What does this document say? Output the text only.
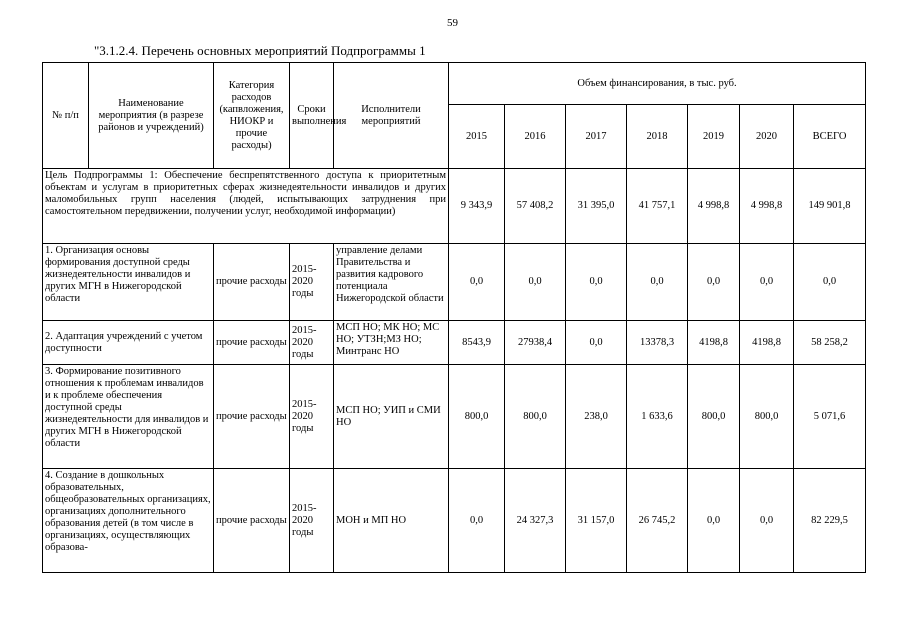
59
"3.1.2.4. Перечень основных мероприятий Подпрограммы 1
№ п/п	Наименование мероприятия (в разрезе районов и учреждений)	Категория расходов (капвложения, НИОКР и прочие расходы)	Сроки выполнения	Исполнители мероприятий	Объем финансирования, в тыс. руб.						
					2015	2016	2017	2018	2019	2020	ВСЕГО
Цель Подпрограммы 1: Обеспечение беспрепятственного доступа к приоритетным объектам и услугам в приоритетных сферах жизнедеятельности инвалидов и других маломобильных групп населения (людей, испытывающих затруднения при самостоятельном передвижении, получении услуг, необходимой информации)					9 343,9	57 408,2	31 395,0	41 757,1	4 998,8	4 998,8	149 901,8
1. Организация основы формирования доступной среды жизнедеятельности инвалидов и других МГН в Нижегородской области		прочие расходы	2015-2020 годы	управление делами Правительства и развития кадрового потенциала Нижегородской области	0,0	0,0	0,0	0,0	0,0	0,0	0,0
2. Адаптация учреждений с учетом доступности		прочие расходы	2015-2020 годы	МСП НО; МК НО; МС НО; УТЗН;МЗ НО; Минтранс НО	8543,9	27938,4	0,0	13378,3	4198,8	4198,8	58 258,2
3. Формирование позитивного отношения к проблемам инвалидов и к проблеме обеспечения доступной среды жизнедеятельности для инвалидов и других МГН в Нижегородской области		прочие расходы	2015-2020 годы	МСП НО; УИП и СМИ НО	800,0	800,0	238,0	1 633,6	800,0	800,0	5 071,6
4. Создание в дошкольных образовательных, общеобразовательных организациях, организациях дополнительного образования детей (в том числе в организациях, осуществляющих образова-		прочие расходы	2015-2020 годы	МОН и МП НО	0,0	24 327,3	31 157,0	26 745,2	0,0	0,0	82 229,5
